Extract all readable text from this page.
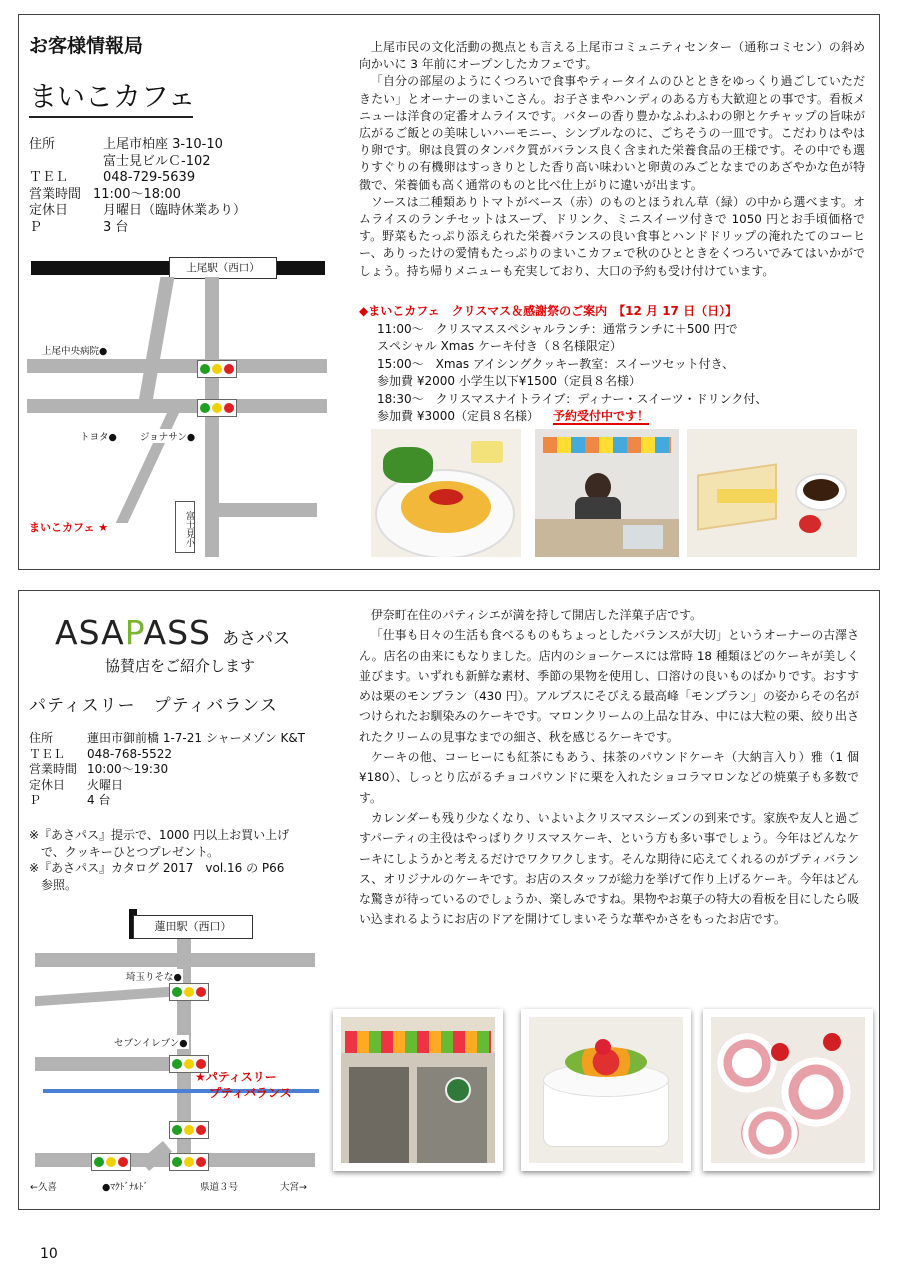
お客様情報局
まいこカフェ
住所	上尾市柏座 3-10-10
富士見ビルＣ-102
ＴＥＬ	048-729-5639
営業時間 11:00〜18:00
定休日	月曜日（臨時休業あり）
Ｐ	3 台
上尾駅（西口）
上尾中央病院●
トヨタ● ジョナサン●
富士見小
まいこカフェ ★

上尾市民の文化活動の拠点とも言える上尾市コミュニティセンター（通称コミセン）の斜め向かいに 3 年前にオープンしたカフェです。

「自分の部屋のようにくつろいで食事やティータイムのひとときをゆっくり過ごしていただきたい」とオーナーのまいこさん。お子さまやハンディのある方も大歓迎との事です。看板メニューは洋食の定番オムライスです。バターの香り豊かなふわふわの卵とケチャップの旨味が広がるご飯との美味しいハーモニー、シンプルなのに、ごちそうの一皿です。こだわりはやはり卵です。卵は良質のタンパク質がバランス良く含まれた栄養食品の王様です。その中でも選りすぐりの有機卵はすっきりとした香り高い味わいと卵黄のみごとなまでのあざやかな色が特徴で、栄養価も高く通常のものと比べ仕上がりに違いが出ます。

ソースは二種類ありトマトがベース（赤）のものとほうれん草（緑）の中から選べます。オムライスのランチセットはスープ、ドリンク、ミニスイーツ付きで 1050 円とお手頃価格です。野菜もたっぷり添えられた栄養バランスの良い食事とハンドドリップの淹れたてのコーヒー、ありったけの愛情もたっぷりのまいこカフェで秋のひとときをくつろいでみてはいかがでしょう。持ち帰りメニューも充実しており、大口の予約も受け付けています。

◆まいこカフェ　クリスマス＆感謝祭のご案内　【12 月 17 日（日）】
11:00〜 クリスマススペシャルランチ：通常ランチに＋500 円で
スペシャル Xmas ケーキ付き（８名様限定）
15:00〜 Xmas アイシングクッキー教室：スイーツセット付き、
参加費 ¥2000 小学生以下¥1500（定員８名様）
18:30〜 クリスマスナイトライブ：ディナー・スイーツ・ドリンク付、
参加費 ¥3000（定員８名様） 予約受付中です！
ASAPASS あさパス
協賛店をご紹介します
パティスリー　プティバランス
住所	蓮田市御前橋 1-7-21 シャーメゾン K&T
ＴＥＬ	048-768-5522
営業時間 10:00〜19:30
定休日	火曜日
Ｐ	4 台
※『あさパス』提示で、1000 円以上お買い上げ
　で、クッキーひとつプレゼント。
※『あさパス』カタログ 2017　vol.16 の P66
　参照。
蓮田駅（西口）
埼玉りそな●
セブンイレブン●
★パティスリー
プティバランス
←久喜	●ﾏｸﾄﾞﾅﾙﾄﾞ	県道３号	大宮→

伊奈町在住のパティシエが満を持して開店した洋菓子店です。

「仕事も日々の生活も食べるものもちょっとしたバランスが大切」というオーナーの古澤さん。店名の由来にもなりました。店内のショーケースには常時 18 種類ほどのケーキが美しく並びます。いずれも新鮮な素材、季節の果物を使用し、口溶けの良いものばかりです。おすすめは栗のモンブラン（430 円）。アルプスにそびえる最高峰「モンブラン」の姿からその名がつけられたお馴染みのケーキです。マロンクリームの上品な甘み、中には大粒の栗、絞り出されたクリームの見事なまでの細さ、秋を感じるケーキです。

ケーキの他、コーヒーにも紅茶にもあう、抹茶のパウンドケーキ（大納言入り）雅（1 個¥180）、しっとり広がるチョコパウンドに栗を入れたショコラマロンなどの焼菓子も多数です。

カレンダーも残り少なくなり、いよいよクリスマスシーズンの到来です。家族や友人と過ごすパーティの主役はやっぱりクリスマスケーキ、という方も多い事でしょう。今年はどんなケーキにしようかと考えるだけでワクワクします。そんな期待に応えてくれるのがプティバランス、オリジナルのケーキです。お店のスタッフが総力を挙げて作り上げるケーキ。今年はどんな驚きが待っているのでしょうか、楽しみですね。果物やお菓子の特大の看板を目にしたら吸い込まれるようにお店のドアを開けてしまいそうな華やかさをもったお店です。

10
